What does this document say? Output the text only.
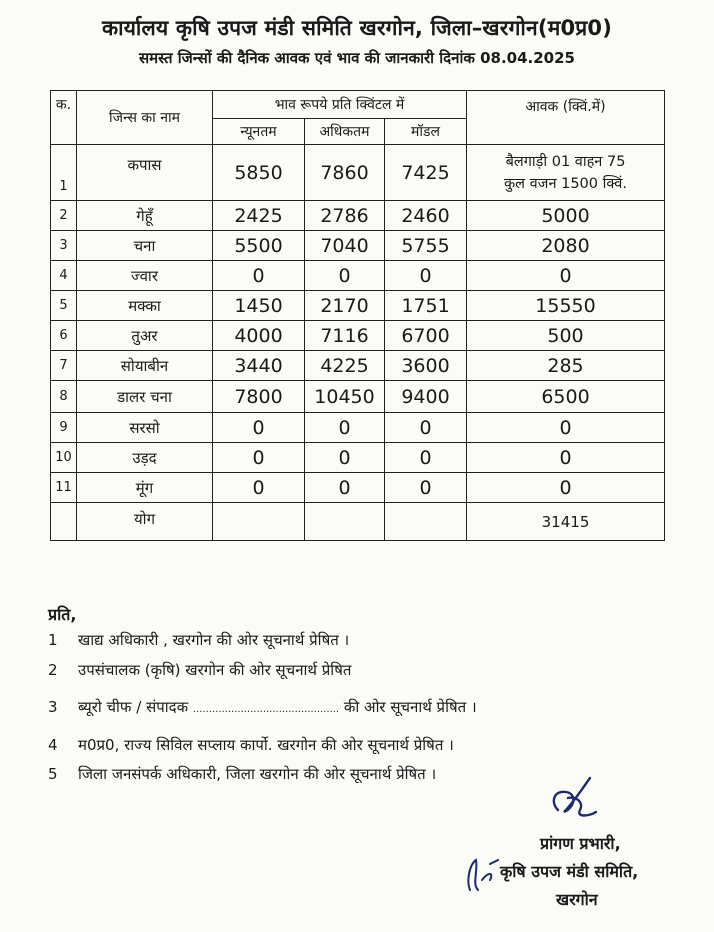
कार्यालय कृषि उपज मंडी समिति खरगोन, जिला–खरगोन(म0प्र0)
समस्त जिन्सों की दैनिक आवक एवं भाव की जानकारी दिनांक 08.04.2025
क.	जिन्स का नाम	भाव रूपये प्रति क्विंटल में			आवक (क्विं.में)
		न्यूनतम	अधिकतम	मॉडल	
1	कपास	5850	7860	7425	बैलगाड़ी 01 वाहन 75
कुल वजन 1500 क्विं.

2	गेहूँ	2425	2786	2460	5000
3	चना	5500	7040	5755	2080
4	ज्वार	0	0	0	0
5	मक्का	1450	2170	1751	15550
6	तुअर	4000	7116	6700	500
7	सोयाबीन	3440	4225	3600	285
8	डालर चना	7800	10450	9400	6500
9	सरसो	0	0	0	0
10	उड़द	0	0	0	0
11	मूंग	0	0	0	0
	योग				31415
प्रति,
1 खाद्य अधिकारी , खरगोन की ओर सूचनार्थ प्रेषित ।
2 उपसंचालक (कृषि) खरगोन की ओर सूचनार्थ प्रेषित
3 ब्यूरो चीफ / संपादक .............................................. की ओर सूचनार्थ प्रेषित ।
4 म0प्र0, राज्य सिविल सप्लाय कार्पो. खरगोन की ओर सूचनार्थ प्रेषित ।
5 जिला जनसंपर्क अधिकारी, जिला खरगोन की ओर सूचनार्थ प्रेषित ।
प्रांगण प्रभारी,
कृषि उपज मंडी समिति,
खरगोन
